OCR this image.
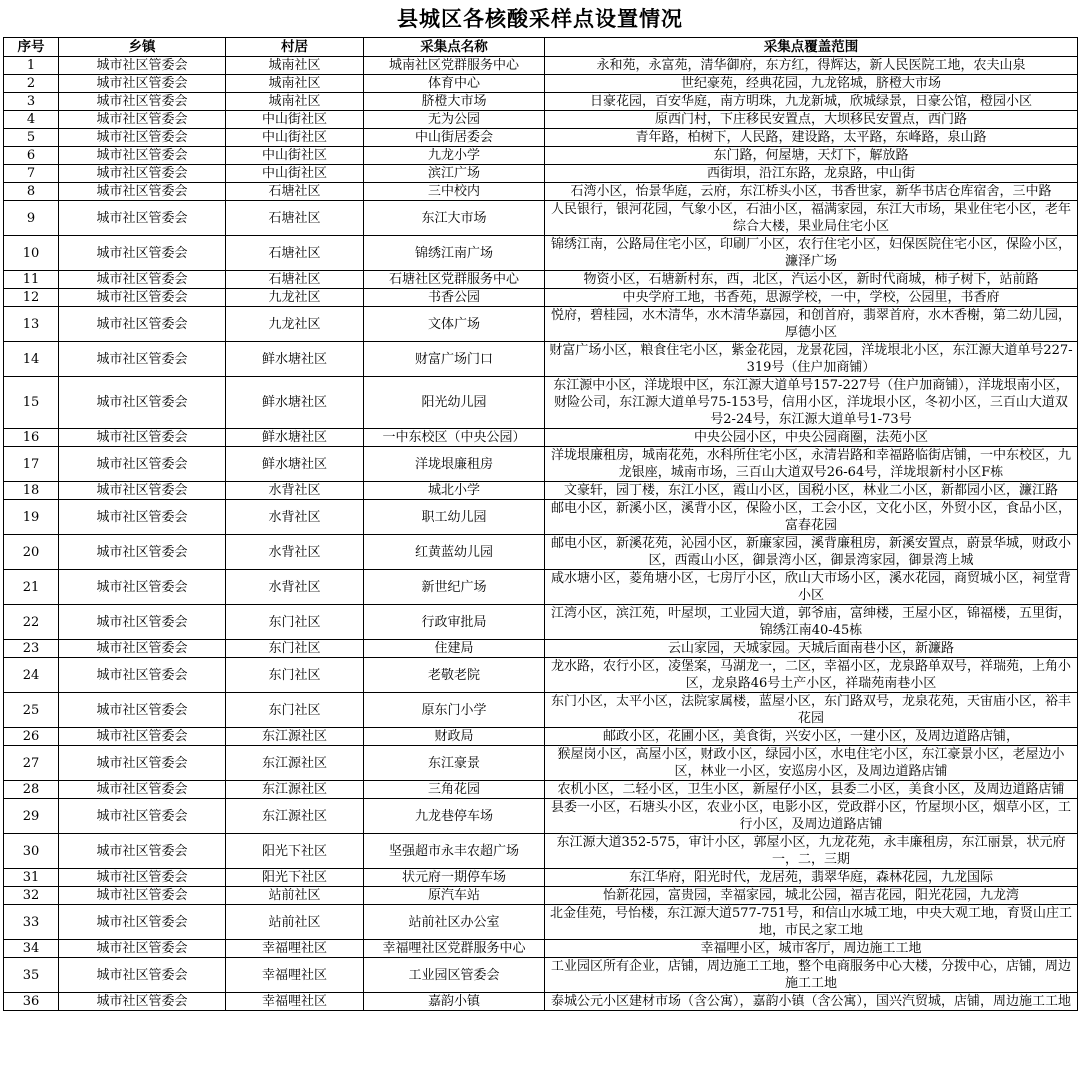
县城区各核酸采样点设置情况
序号	乡镇	村居	采集点名称	采集点覆盖范围
1	城市社区管委会	城南社区	城南社区党群服务中心	永和苑，永富苑，清华御府，东方红，得辉达，新人民医院工地，农夫山泉
2	城市社区管委会	城南社区	体育中心	世纪豪苑，经典花园，九龙铭城，脐橙大市场
3	城市社区管委会	城南社区	脐橙大市场	日豪花园，百安华庭，南方明珠，九龙新城，欣城绿景，日豪公馆，橙园小区
4	城市社区管委会	中山街社区	无为公园	原西门村，下庄移民安置点，大坝移民安置点，西门路
5	城市社区管委会	中山街社区	中山街居委会	青年路，柏树下，人民路，建设路，太平路，东峰路，泉山路
6	城市社区管委会	中山街社区	九龙小学	东门路，何屋塘，天灯下，解放路
7	城市社区管委会	中山街社区	滨江广场	西街垻，沿江东路，龙泉路，中山街
8	城市社区管委会	石塘社区	三中校内	石湾小区，怡景华庭，云府，东江桥头小区，书香世家，新华书店仓库宿舍，三中路
9	城市社区管委会	石塘社区	东江大市场	人民银行，银河花园，气象小区，石油小区，福满家园，东江大市场，果业住宅小区，老年综合大楼，果业局住宅小区
10	城市社区管委会	石塘社区	锦绣江南广场	锦绣江南，公路局住宅小区，印刷厂小区，农行住宅小区，妇保医院住宅小区，保险小区，濂泽广场
11	城市社区管委会	石塘社区	石塘社区党群服务中心	物资小区，石塘新村东，西，北区，汽运小区，新时代商城，柿子树下，站前路
12	城市社区管委会	九龙社区	书香公园	中央学府工地，书香苑，思源学校，一中，学校，公园里，书香府
13	城市社区管委会	九龙社区	文体广场	悦府，碧桂园，水木清华，水木清华嘉园，和创首府，翡翠首府，水木香榭，第二幼儿园，厚德小区
14	城市社区管委会	鲜水塘社区	财富广场门口	财富广场小区，粮食住宅小区，紫金花园，龙景花园，洋垅垠北小区，东江源大道单号227-319号（住户加商铺）
15	城市社区管委会	鲜水塘社区	阳光幼儿园	东江源中小区，洋垅垠中区，东江源大道单号157-227号（住户加商铺），洋垅垠南小区，财险公司，东江源大道单号75-153号，信用小区，洋垅垠小区，冬初小区，三百山大道双号2-24号，东江源大道单号1-73号
16	城市社区管委会	鲜水塘社区	一中东校区（中央公园）	中央公园小区，中央公园商圈，法苑小区
17	城市社区管委会	鲜水塘社区	洋垅垠廉租房	洋垅垠廉租房，城南花苑，水科所住宅小区，永清岩路和幸福路临街店铺，一中东校区，九龙银座，城南市场，三百山大道双号26-64号，洋垅垠新村小区F栋
18	城市社区管委会	水背社区	城北小学	文豪轩，园丁楼，东江小区，霞山小区，国税小区，林业二小区，新都园小区，濂江路
19	城市社区管委会	水背社区	职工幼儿园	邮电小区，新溪小区，溪背小区，保险小区，工会小区，文化小区，外贸小区，食品小区，富春花园
20	城市社区管委会	水背社区	红黄蓝幼儿园	邮电小区，新溪花苑，沁园小区，新廉家园，溪背廉租房，新溪安置点，蔚景华城，财政小区，西霞山小区，御景湾小区，御景湾家园，御景湾上城
21	城市社区管委会	水背社区	新世纪广场	咸水塘小区，菱角塘小区，七房厅小区，欣山大市场小区，溪水花园，商贸城小区，祠堂背小区
22	城市社区管委会	东门社区	行政审批局	江湾小区，滨江苑，叶屋坝，工业园大道，郭爷庙，富绅楼，王屋小区，锦福楼，五里街，锦绣江南40-45栋
23	城市社区管委会	东门社区	住建局	云山家园，天城家园。天城后面南巷小区，新濂路
24	城市社区管委会	东门社区	老敬老院	龙水路，农行小区，凌堡案，马湖龙一，二区，幸福小区，龙泉路单双号，祥瑞苑，上角小区，龙泉路46号土产小区，祥瑞苑南巷小区
25	城市社区管委会	东门社区	原东门小学	东门小区，太平小区，法院家属楼，蓝屋小区，东门路双号，龙泉花苑，天宙庙小区，裕丰花园
26	城市社区管委会	东江源社区	财政局	邮政小区，花圃小区，美食街，兴安小区，一建小区，及周边道路店铺，
27	城市社区管委会	东江源社区	东江豪景	猴屋岗小区，高屋小区，财政小区，绿园小区，水电住宅小区，东江豪景小区，老屋边小区，林业一小区，安巡房小区，及周边道路店铺
28	城市社区管委会	东江源社区	三角花园	农机小区，二轻小区，卫生小区，新屋仔小区，县委二小区，美食小区，及周边道路店铺
29	城市社区管委会	东江源社区	九龙巷停车场	县委一小区，石塘头小区，农业小区，电影小区，党政群小区，竹屋坝小区，烟草小区，工行小区，及周边道路店铺
30	城市社区管委会	阳光下社区	坚强超市永丰农超广场	东江源大道352-575，审计小区，郭屋小区，九龙花苑，永丰廉租房，东江丽景，状元府一，二，三期
31	城市社区管委会	阳光下社区	状元府一期停车场	东江华府，阳光时代，龙居苑，翡翠华庭，森林花园，九龙国际
32	城市社区管委会	站前社区	原汽车站	怡新花园，富贵园，幸福家园，城北公园，福吉花园，阳光花园，九龙湾
33	城市社区管委会	站前社区	站前社区办公室	北金佳苑，号怡楼，东江源大道577-751号，和信山水城工地，中央大观工地，育贤山庄工地，市民之家工地
34	城市社区管委会	幸福哩社区	幸福哩社区党群服务中心	幸福哩小区，城市客厅，周边施工工地
35	城市社区管委会	幸福哩社区	工业园区管委会	工业园区所有企业，店铺，周边施工工地，整个电商服务中心大楼，分拨中心，店铺，周边施工工地
36	城市社区管委会	幸福哩社区	嘉韵小镇	泰城公元小区建材市场（含公寓），嘉韵小镇（含公寓），国兴汽贸城，店铺，周边施工工地
